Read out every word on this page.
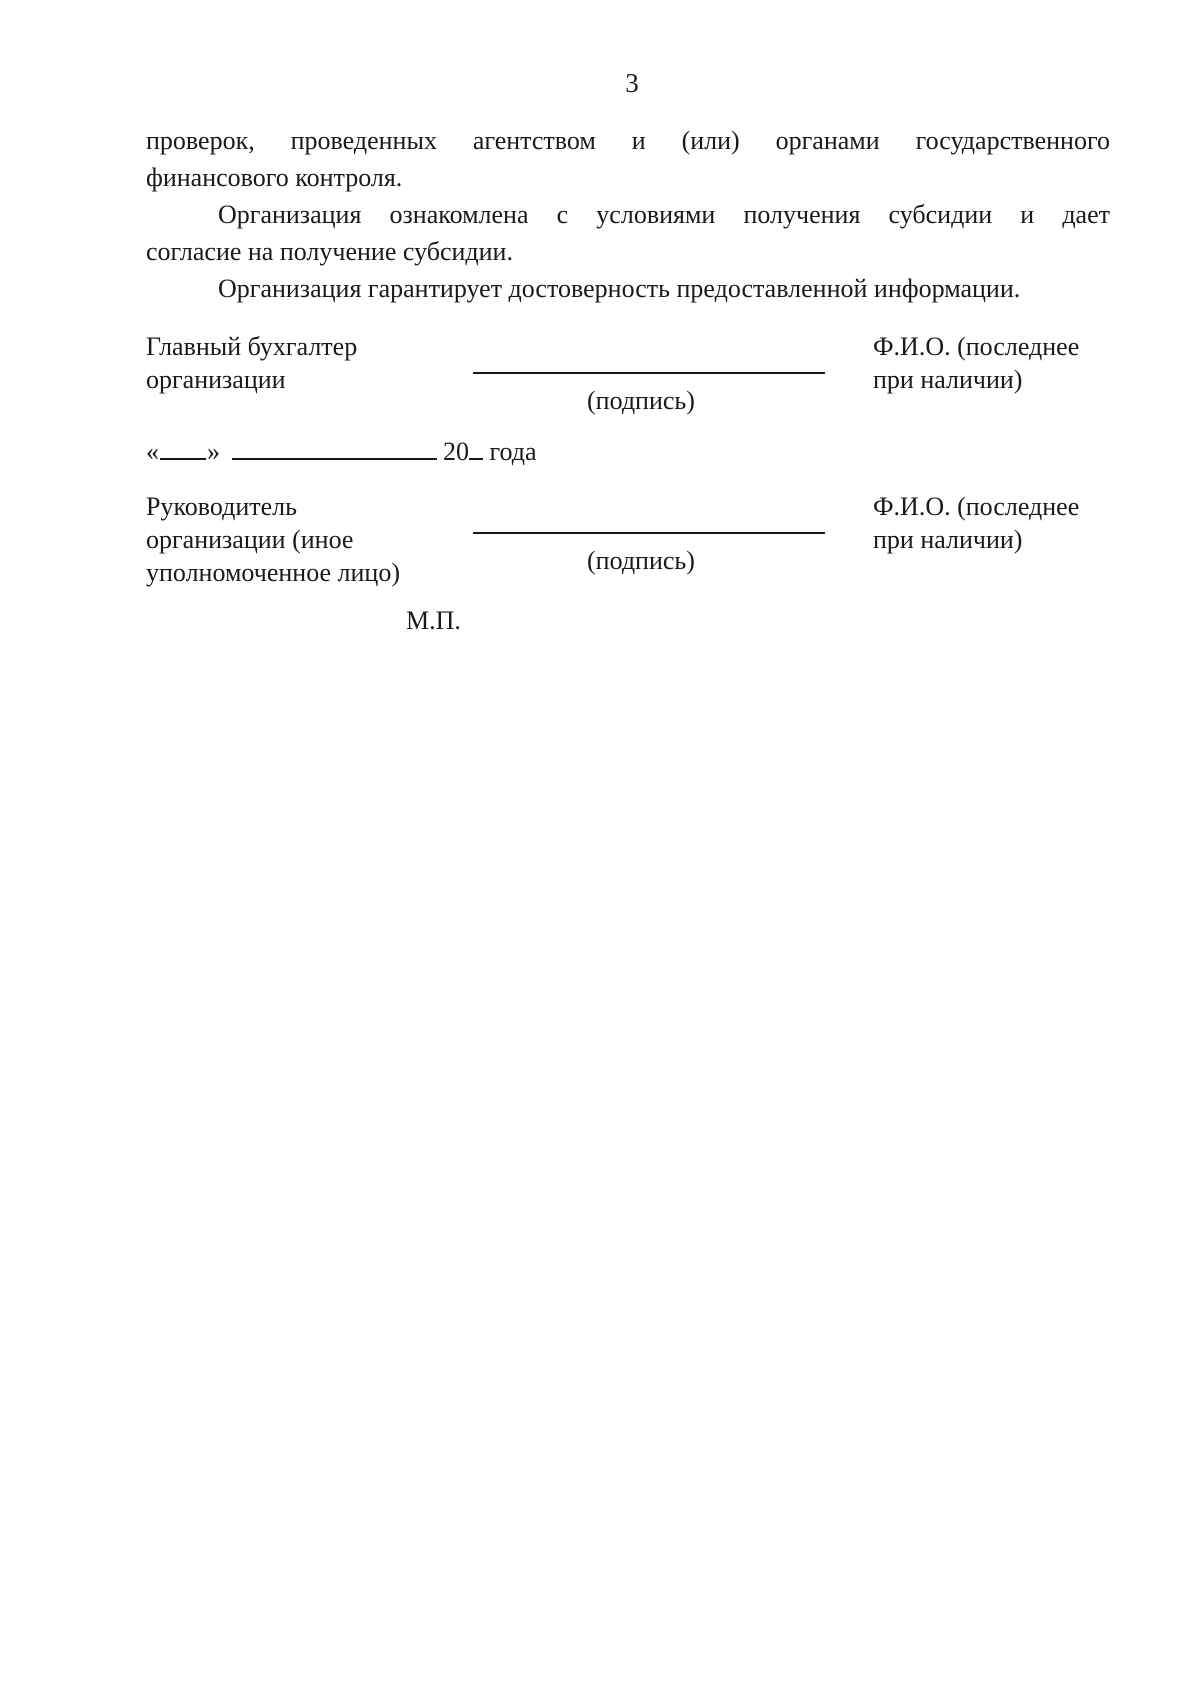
3
проверок, проведенных агентством и (или) органами государственного
финансового контроля.
Организация ознакомлена с условиями получения субсидии и дает
согласие на получение субсидии.
Организация гарантирует достоверность предоставленной информации.
Главный бухгалтер
организации
(подпись)
Ф.И.О. (последнее
при наличии)
« »	20 года
Руководитель
организации (иное
уполномоченное лицо)	(подпись)
Ф.И.О. (последнее
при наличии)
М.П.
